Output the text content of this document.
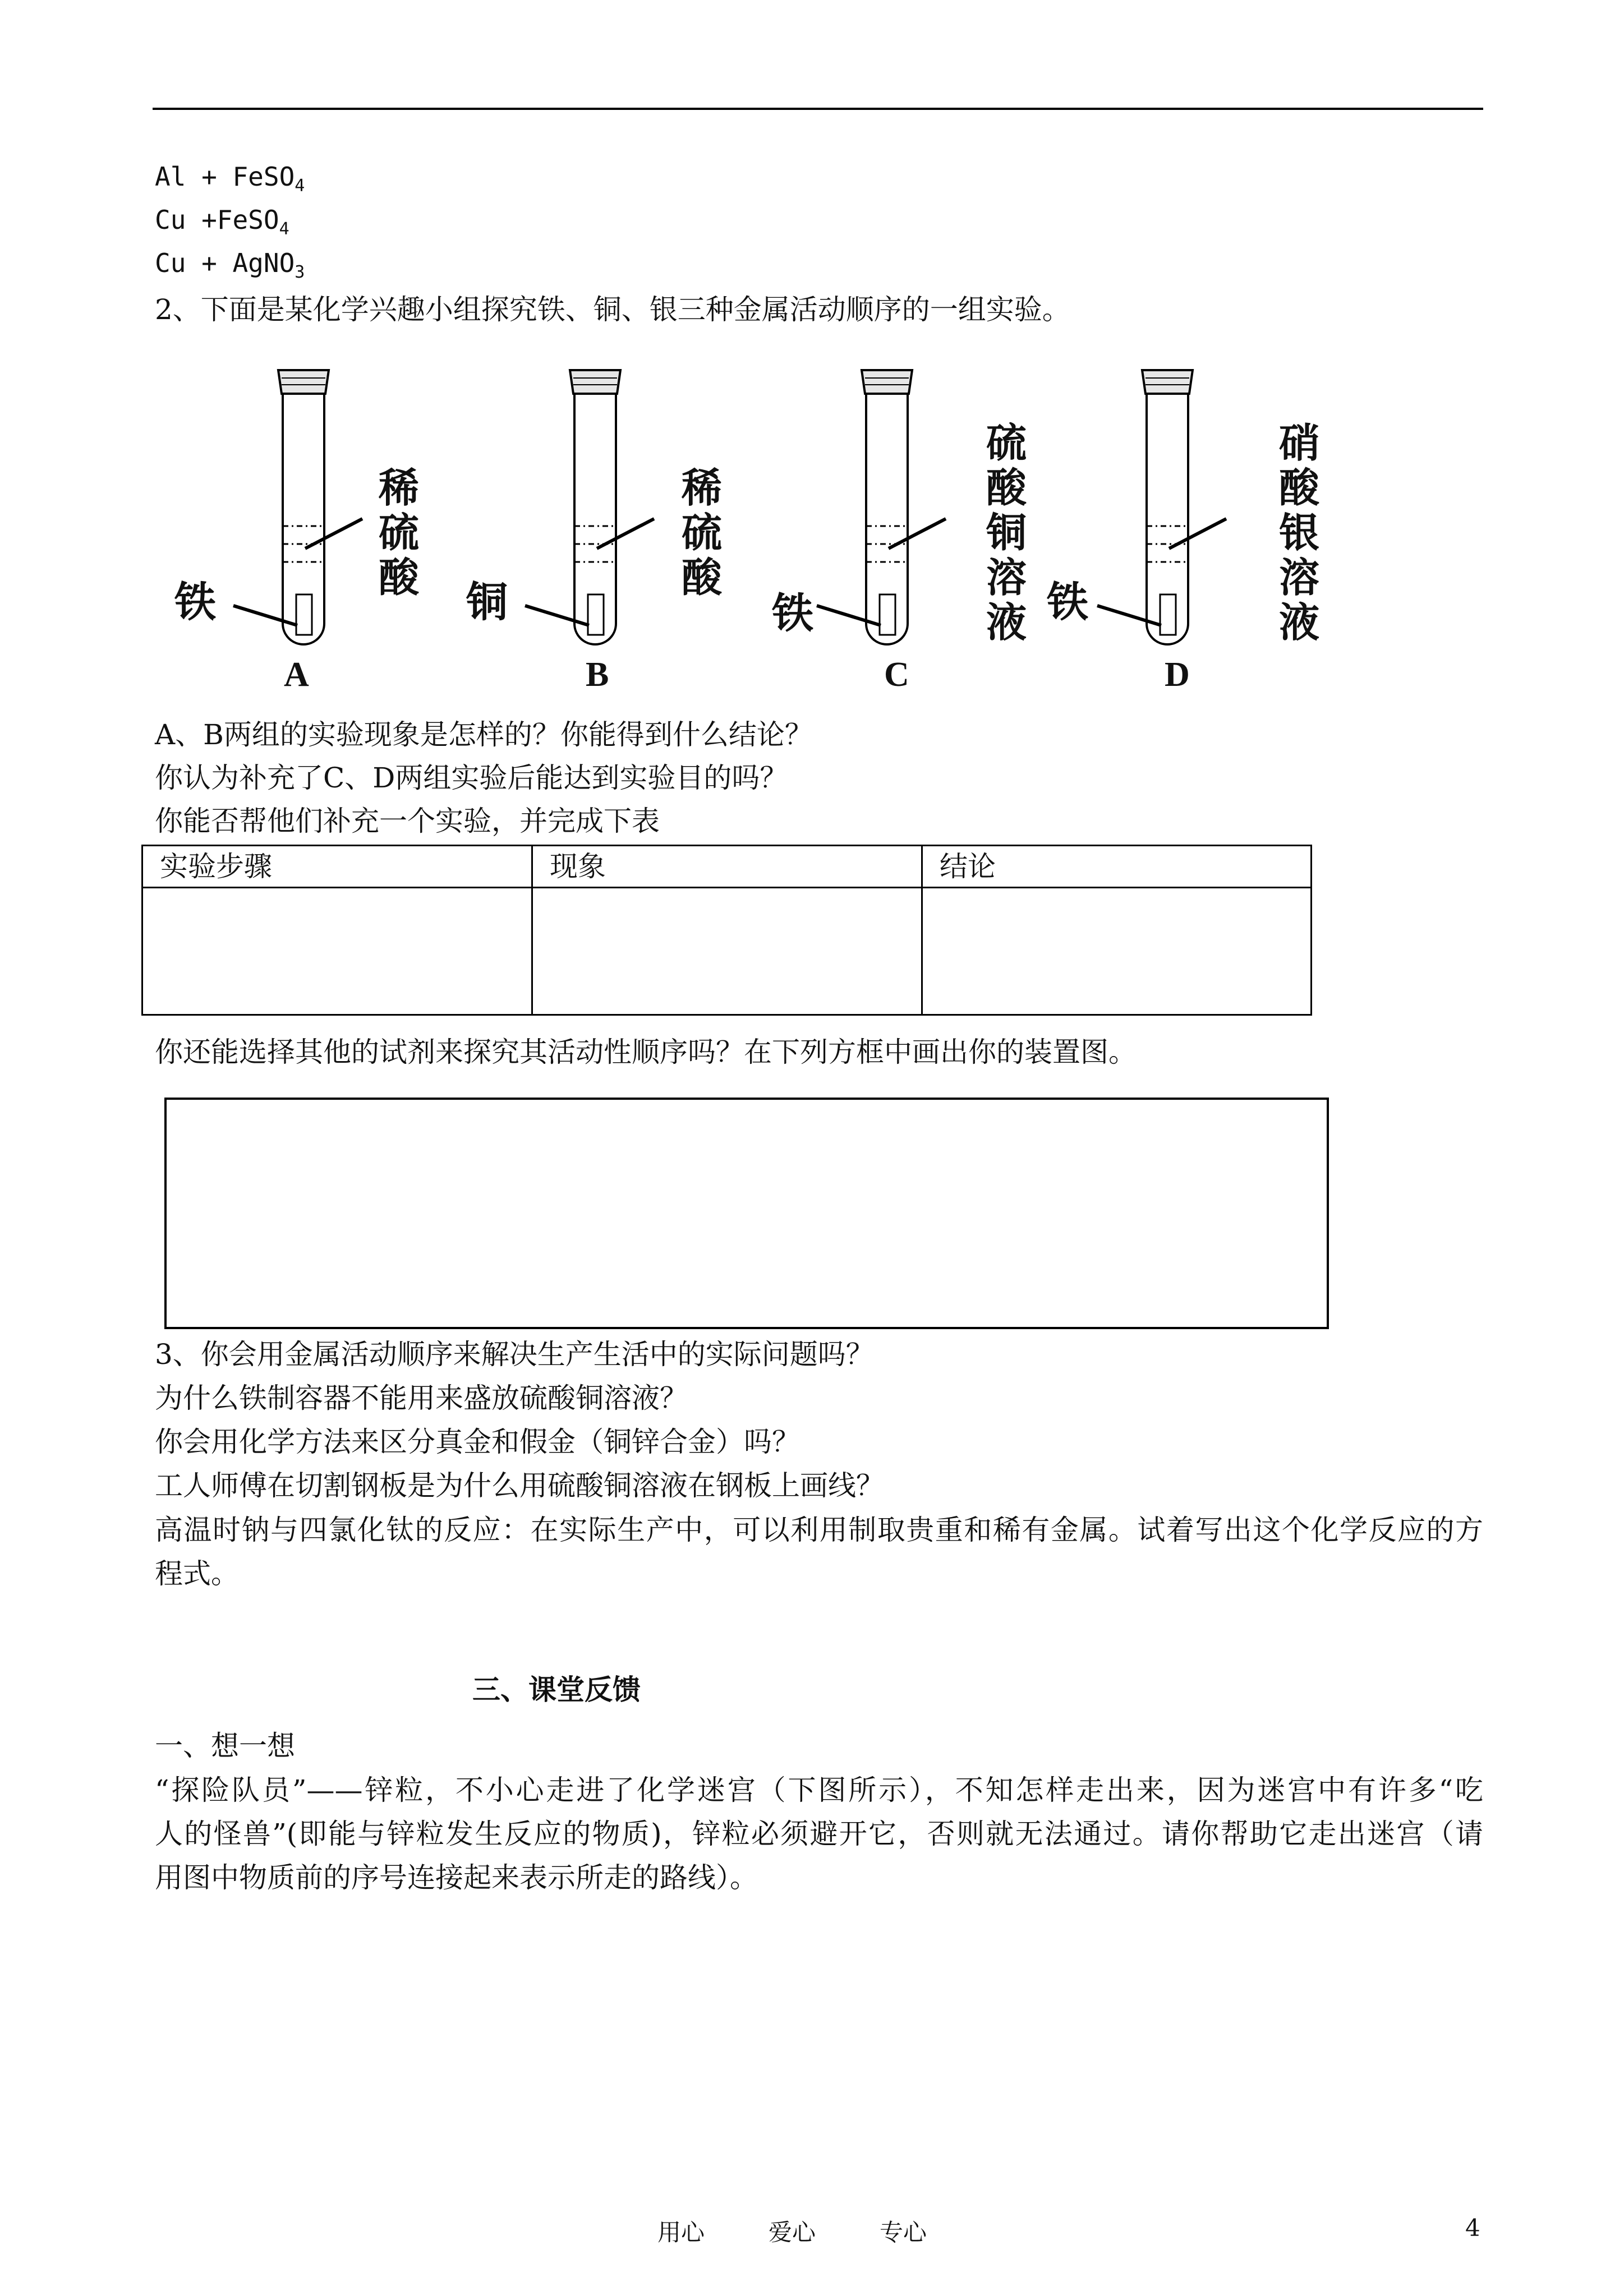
Al + FeSO$_4$
Cu +FeSO$_4$
Cu + AgNO$_3$
2、下面是某化学兴趣小组探究铁、铜、银三种金属活动顺序的一组实验。
铁	铜	铁	铁
稀
硫
酸
稀
硫
酸
硫
酸
铜
溶
液
硝
酸
银
溶
液
A	B	C	D
A、B两组的实验现象是怎样的？你能得到什么结论？
你认为补充了C、D两组实验后能达到实验目的吗？
你能否帮他们补充一个实验，并完成下表
实验步骤	现象	结论

你还能选择其他的试剂来探究其活动性顺序吗？在下列方框中画出你的装置图。
3、你会用金属活动顺序来解决生产生活中的实际问题吗？
为什么铁制容器不能用来盛放硫酸铜溶液？
你会用化学方法来区分真金和假金（铜锌合金）吗？
工人师傅在切割钢板是为什么用硫酸铜溶液在钢板上画线？
高温时钠与四氯化钛的反应：在实际生产中，可以利用制取贵重和稀有金属。试着写出这个化学反应的方
程式。
三、课堂反馈
一、想一想
“探险队员”——锌粒，不小心走进了化学迷宫（下图所示），不知怎样走出来，因为迷宫中有许多“吃
人的怪兽”(即能与锌粒发生反应的物质)，锌粒必须避开它，否则就无法通过。请你帮助它走出迷宫（请
用图中物质前的序号连接起来表示所走的路线）。
用心	爱心	专心	4
